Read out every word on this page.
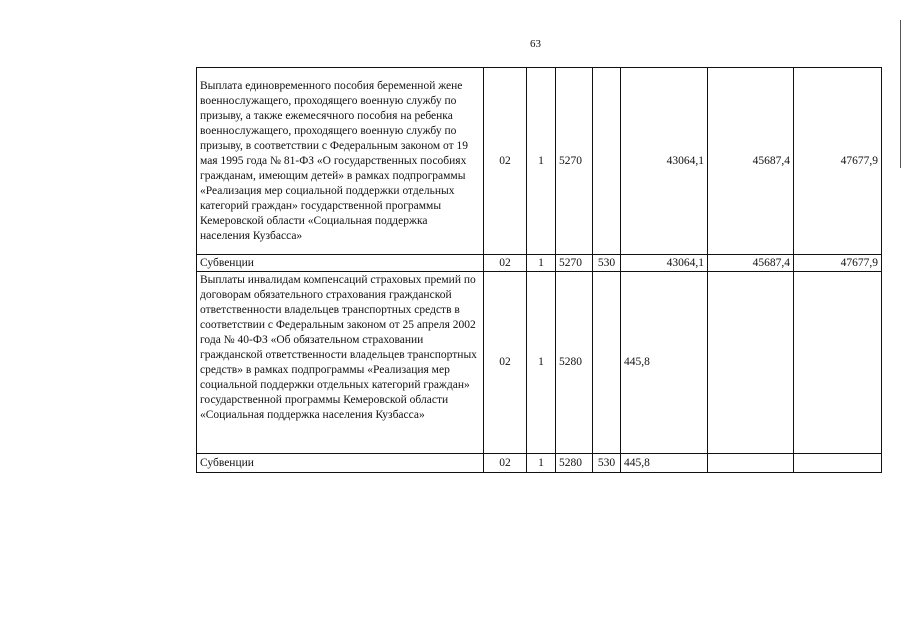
63
Выплата единовременного пособия беременной жене военнослужащего, проходящего военную службу по призыву, а также ежемесячного пособия на ребенка военнослужащего, проходящего военную службу по призыву, в соответствии с Федеральным законом от 19 мая 1995 года № 81-ФЗ «О государственных пособиях гражданам, имеющим детей» в рамках подпрограммы «Реализация мер социальной поддержки отдельных категорий граждан» государственной программы Кемеровской области «Социальная поддержка населения Кузбасса»	02	1	5270		43064,1	45687,4	47677,9
Субвенции	02	1	5270	530	43064,1	45687,4	47677,9
Выплаты инвалидам компенсаций страховых премий по договорам обязательного страхования гражданской ответственности владельцев транспортных средств в соответствии с Федеральным законом от 25 апреля 2002 года № 40-ФЗ «Об обязательном страховании гражданской ответственности владельцев транспортных средств» в рамках подпрограммы «Реализация мер социальной поддержки отдельных категорий граждан» государственной программы Кемеровской области «Социальная поддержка населения Кузбасса»	02	1	5280		445,8		
Субвенции	02	1	5280	530	445,8		
